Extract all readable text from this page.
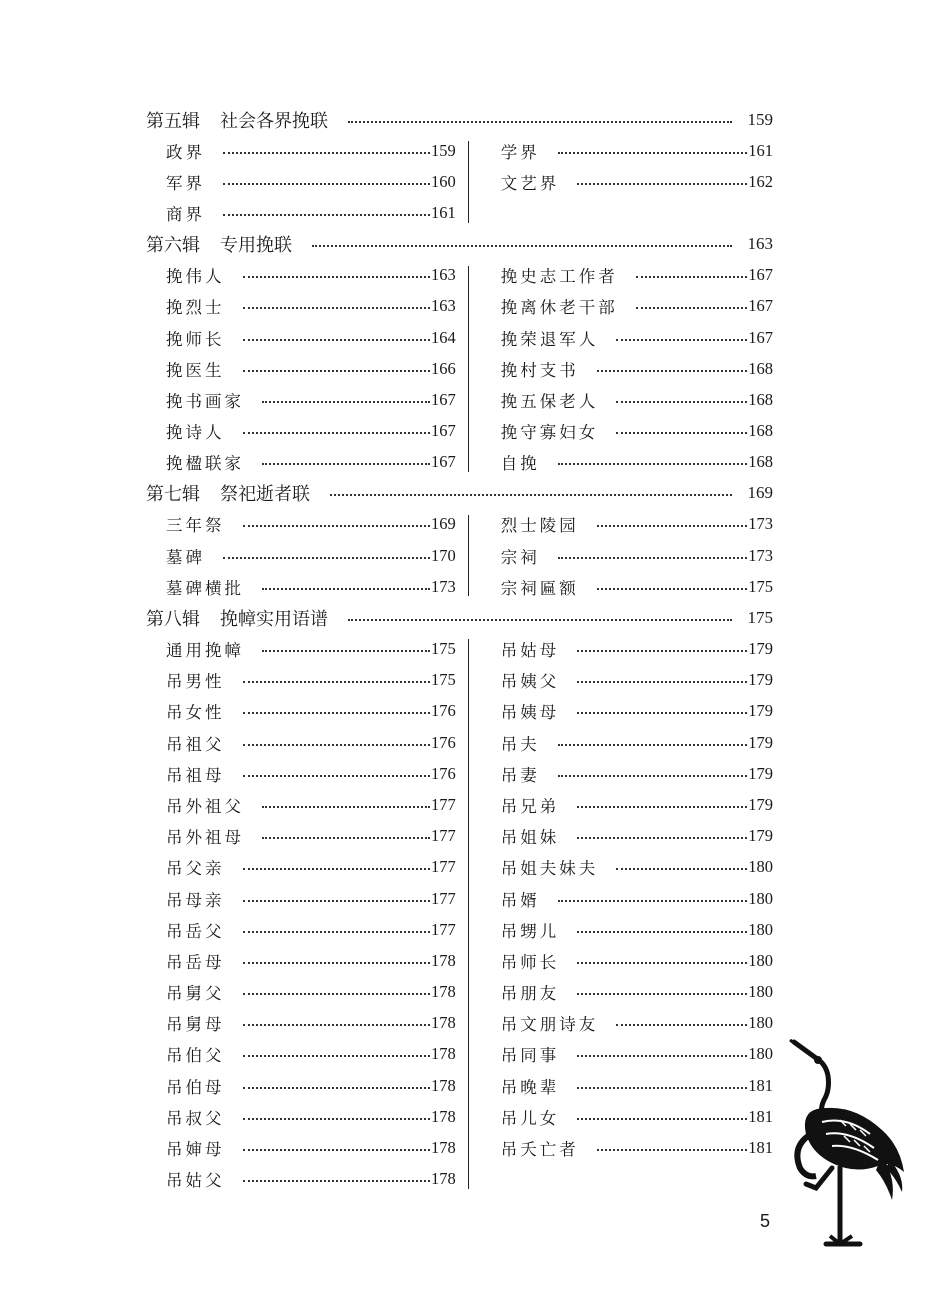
第五辑 社会各界挽联	159
政界	159
军界	160
商界	161
学界	161
文艺界	162
第六辑 专用挽联	163
挽伟人	163
挽烈士	163
挽师长	164
挽医生	166
挽书画家	167
挽诗人	167
挽楹联家	167
挽史志工作者	167
挽离休老干部	167
挽荣退军人	167
挽村支书	168
挽五保老人	168
挽守寡妇女	168
自挽	168
第七辑 祭祀逝者联	169
三年祭	169
墓碑	170
墓碑横批	173
烈士陵园	173
宗祠	173
宗祠匾额	175
第八辑 挽幛实用语谱	175
通用挽幛	175
吊男性	175
吊女性	176
吊祖父	176
吊祖母	176
吊外祖父	177
吊外祖母	177
吊父亲	177
吊母亲	177
吊岳父	177
吊岳母	178
吊舅父	178
吊舅母	178
吊伯父	178
吊伯母	178
吊叔父	178
吊婶母	178
吊姑父	178
吊姑母	179
吊姨父	179
吊姨母	179
吊夫	179
吊妻	179
吊兄弟	179
吊姐妹	179
吊姐夫妹夫	180
吊婿	180
吊甥儿	180
吊师长	180
吊朋友	180
吊文朋诗友	180
吊同事	180
吊晚辈	181
吊儿女	181
吊夭亡者	181
5
